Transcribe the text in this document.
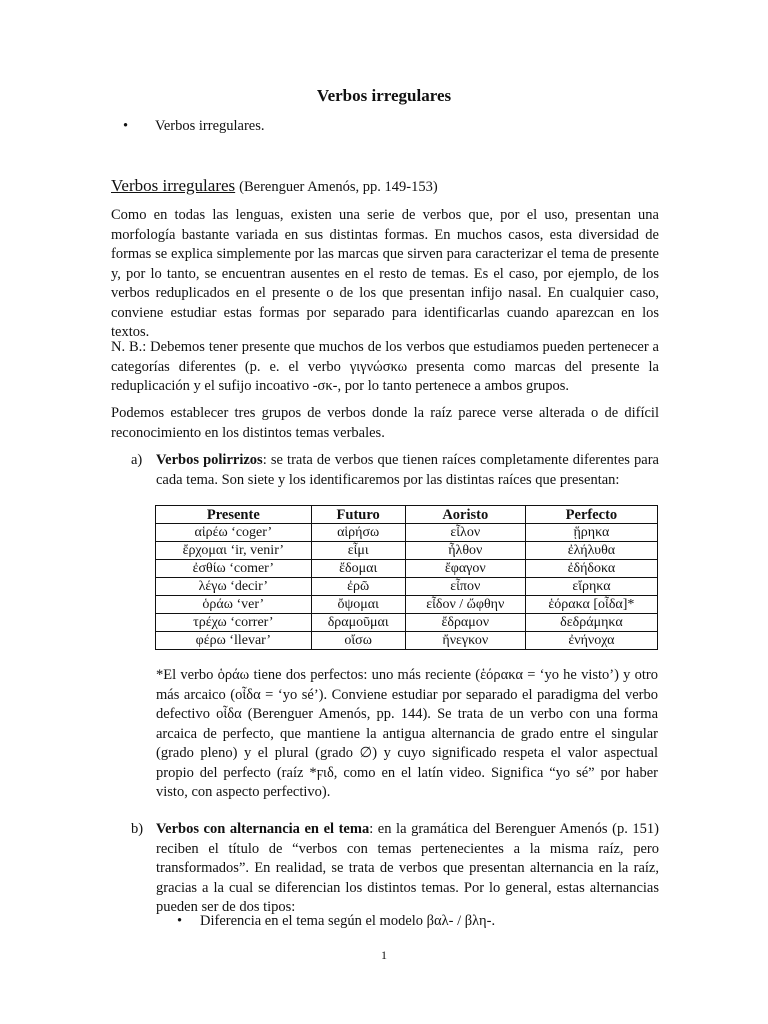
Verbos irregulares
• Verbos irregulares.
Verbos irregulares (Berenguer Amenós, pp. 149-153)
Como en todas las lenguas, existen una serie de verbos que, por el uso, presentan una morfología bastante variada en sus distintas formas. En muchos casos, esta diversidad de formas se explica simplemente por las marcas que sirven para caracterizar el tema de presente y, por lo tanto, se encuentran ausentes en el resto de temas. Es el caso, por ejemplo, de los verbos reduplicados en el presente o de los que presentan infijo nasal. En cualquier caso, conviene estudiar estas formas por separado para identificarlas cuando aparezcan en los textos.
N. B.: Debemos tener presente que muchos de los verbos que estudiamos pueden pertenecer a categorías diferentes (p. e. el verbo γιγνώσκω presenta como marcas del presente la reduplicación y el sufijo incoativo -σκ-, por lo tanto pertenece a ambos grupos.
Podemos establecer tres grupos de verbos donde la raíz parece verse alterada o de difícil reconocimiento en los distintos temas verbales.
a) Verbos polirrizos: se trata de verbos que tienen raíces completamente diferentes para cada tema. Son siete y los identificaremos por las distintas raíces que presentan:
Presente	Futuro	Aoristo	Perfecto
αἱρέω ‘coger’	αἱρήσω	εἷλον	ᾕρηκα
ἔρχομαι ‘ir, venir’	εἶμι	ἦλθον	ἐλήλυθα
ἐσθίω ‘comer’	ἔδομαι	ἔφαγον	ἐδήδοκα
λέγω ‘decir’	ἐρῶ	εἶπον	εἴρηκα
ὁράω ‘ver’	ὄψομαι	εἶδον / ὤφθην	ἑόρακα [οἶδα]*
τρέχω ‘correr’	δραμοῦμαι	ἔδραμον	δεδράμηκα
φέρω ‘llevar’	οἴσω	ἤνεγκον	ἐνήνοχα
*El verbo ὁράω tiene dos perfectos: uno más reciente (ἑόρακα = ‘yo he visto’) y otro más arcaico (οἶδα = ‘yo sé’). Conviene estudiar por separado el paradigma del verbo defectivo οἶδα (Berenguer Amenós, pp. 144). Se trata de un verbo con una forma arcaica de perfecto, que mantiene la antigua alternancia de grado entre el singular (grado pleno) y el plural (grado ∅) y cuyo significado respeta el valor aspectual propio del perfecto (raíz *ϝιδ, como en el latín video. Significa “yo sé” por haber visto, con aspecto perfectivo).
b) Verbos con alternancia en el tema: en la gramática del Berenguer Amenós (p. 151) reciben el título de “verbos con temas pertenecientes a la misma raíz, pero transformados”. En realidad, se trata de verbos que presentan alternancia en la raíz, gracias a la cual se diferencian los distintos temas. Por lo general, estas alternancias pueden ser de dos tipos:
• Diferencia en el tema según el modelo βαλ- / βλη-.
1
